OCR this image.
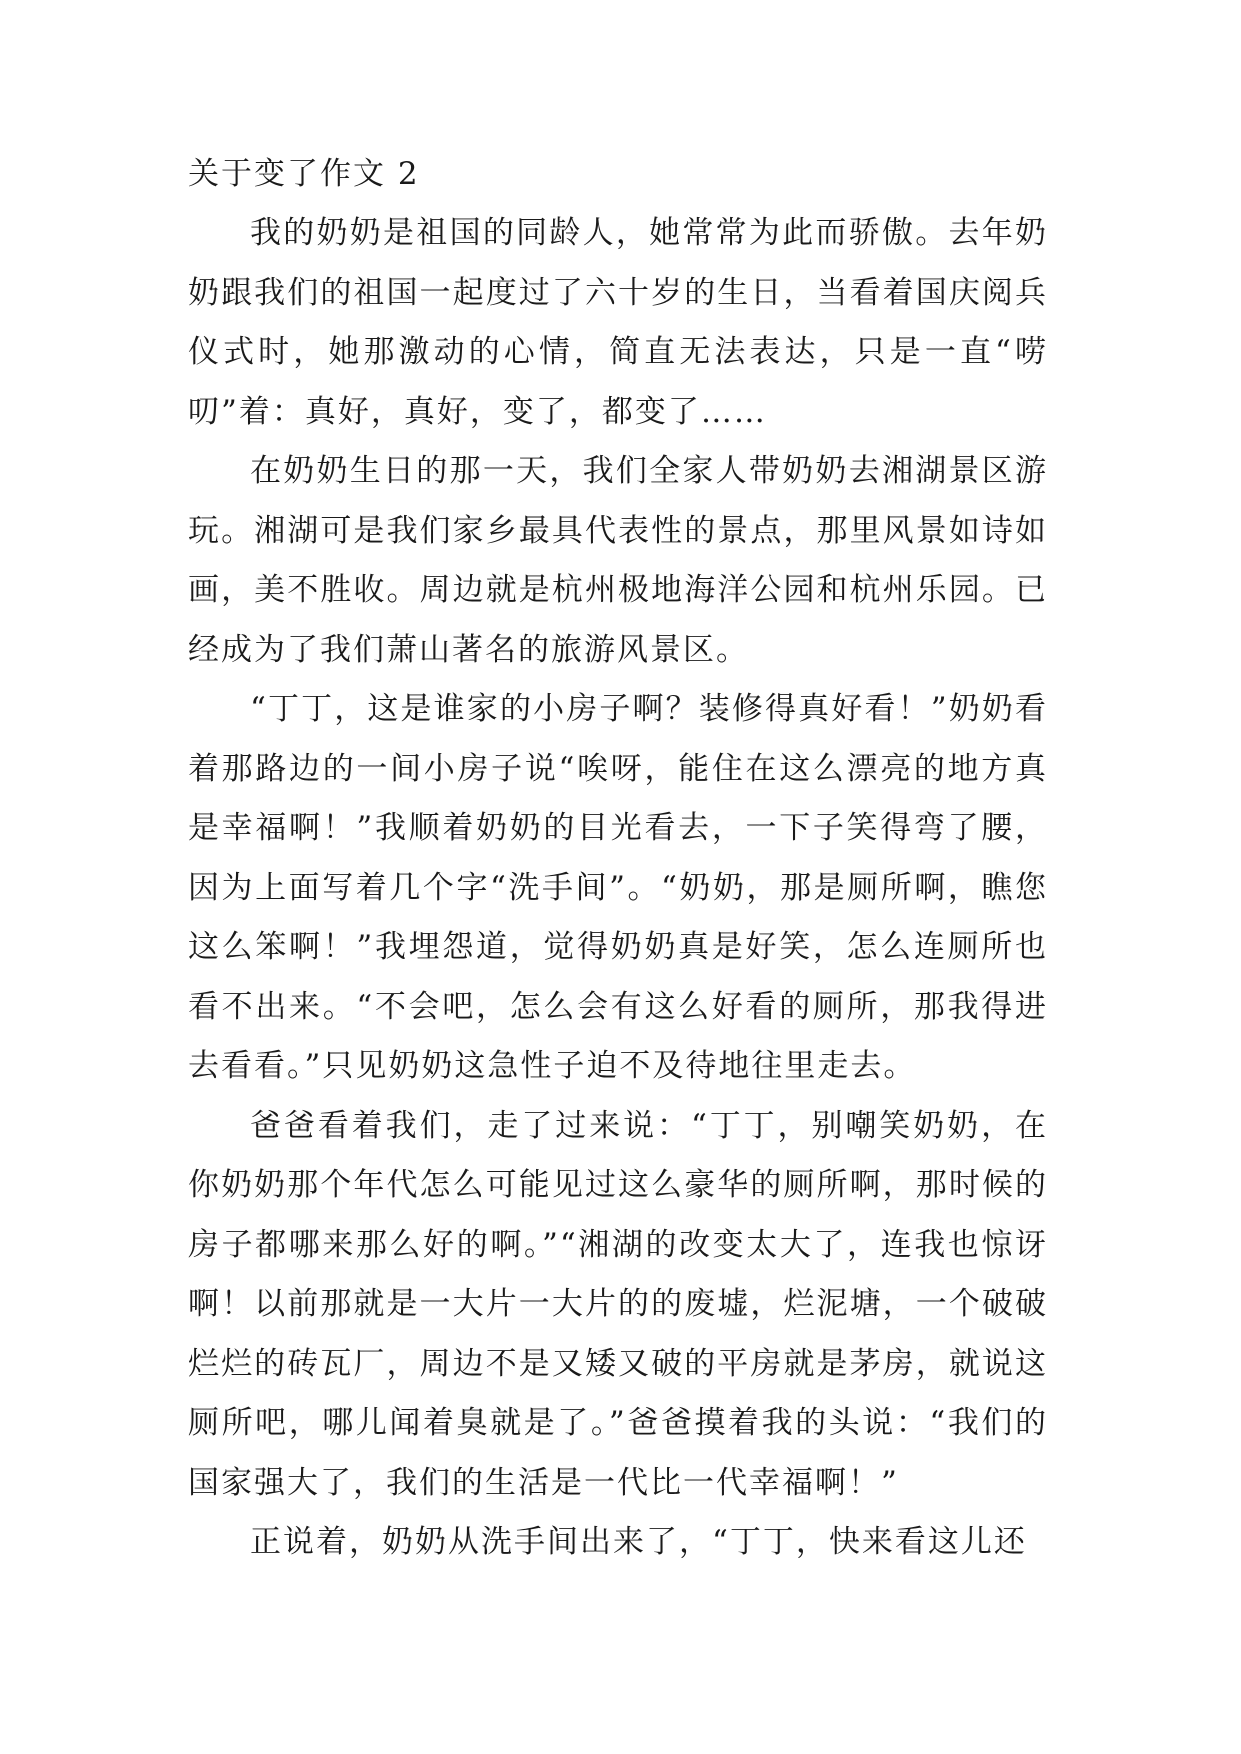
关于变了作文 2

我的奶奶是祖国的同龄人，她常常为此而骄傲。去年奶奶跟我们的祖国一起度过了六十岁的生日，当看着国庆阅兵仪式时，她那激动的心情，简直无法表达，只是一直“唠叨”着：真好，真好，变了，都变了……

在奶奶生日的那一天，我们全家人带奶奶去湘湖景区游玩。湘湖可是我们家乡最具代表性的景点，那里风景如诗如画，美不胜收。周边就是杭州极地海洋公园和杭州乐园。已经成为了我们萧山著名的旅游风景区。

“丁丁，这是谁家的小房子啊？装修得真好看！”奶奶看着那路边的一间小房子说“唉呀，能住在这么漂亮的地方真是幸福啊！”我顺着奶奶的目光看去，一下子笑得弯了腰，因为上面写着几个字“洗手间”。“奶奶，那是厕所啊，瞧您这么笨啊！”我埋怨道，觉得奶奶真是好笑，怎么连厕所也看不出来。“不会吧，怎么会有这么好看的厕所，那我得进去看看。”只见奶奶这急性子迫不及待地往里走去。

爸爸看着我们，走了过来说：“丁丁，别嘲笑奶奶，在你奶奶那个年代怎么可能见过这么豪华的厕所啊，那时候的房子都哪来那么好的啊。”“湘湖的改变太大了，连我也惊讶啊！以前那就是一大片一大片的的废墟，烂泥塘，一个破破烂烂的砖瓦厂，周边不是又矮又破的平房就是茅房，就说这厕所吧，哪儿闻着臭就是了。”爸爸摸着我的头说：“我们的国家强大了，我们的生活是一代比一代幸福啊！”

正说着，奶奶从洗手间出来了，“丁丁，快来看这儿还
